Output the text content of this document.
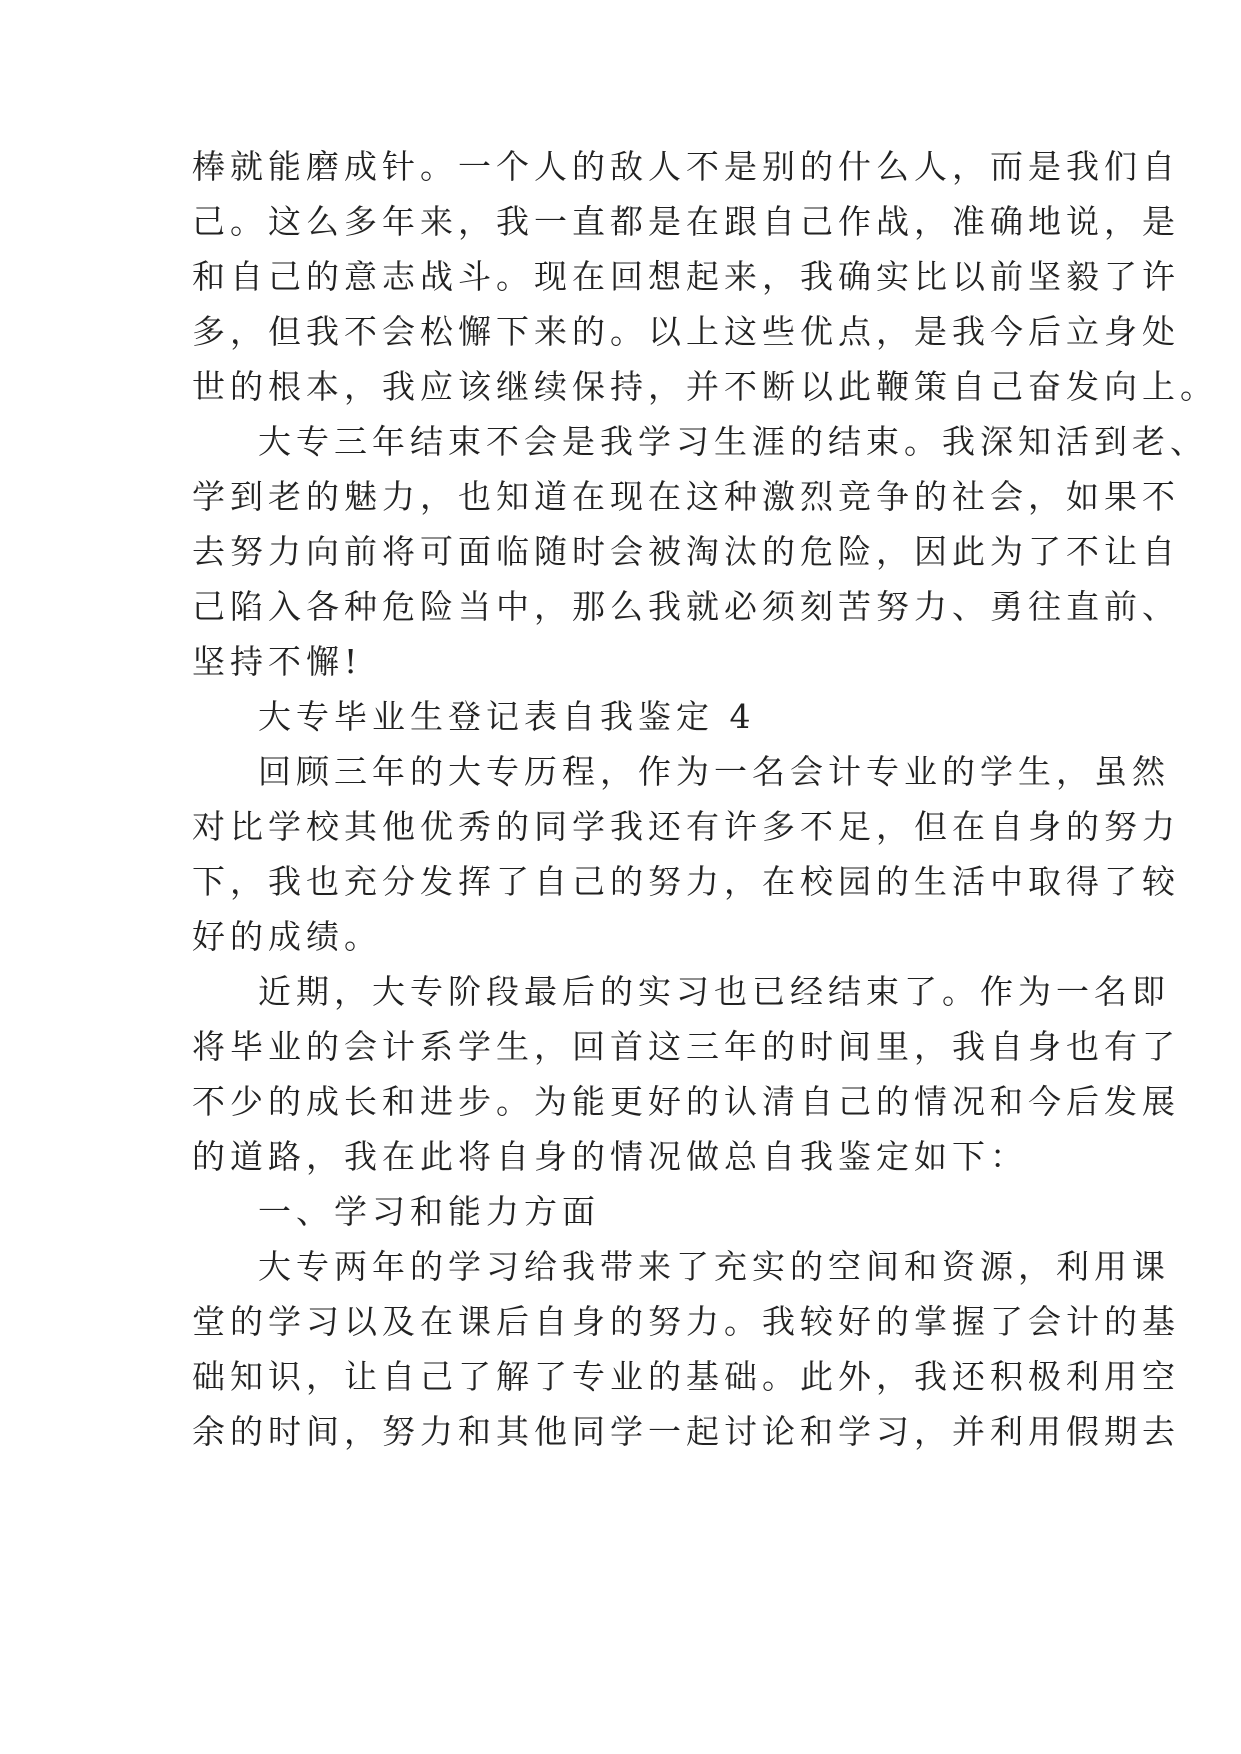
棒就能磨成针。一个人的敌人不是别的什么人，而是我们自
己。这么多年来，我一直都是在跟自己作战，准确地说，是
和自己的意志战斗。现在回想起来，我确实比以前坚毅了许
多，但我不会松懈下来的。以上这些优点，是我今后立身处
世的根本，我应该继续保持，并不断以此鞭策自己奋发向上。
大专三年结束不会是我学习生涯的结束。我深知活到老、
学到老的魅力，也知道在现在这种激烈竞争的社会，如果不
去努力向前将可面临随时会被淘汰的危险，因此为了不让自
己陷入各种危险当中，那么我就必须刻苦努力、勇往直前、
坚持不懈!
大专毕业生登记表自我鉴定 4
回顾三年的大专历程，作为一名会计专业的学生，虽然
对比学校其他优秀的同学我还有许多不足，但在自身的努力
下，我也充分发挥了自己的努力，在校园的生活中取得了较
好的成绩。
近期，大专阶段最后的实习也已经结束了。作为一名即
将毕业的会计系学生，回首这三年的时间里，我自身也有了
不少的成长和进步。为能更好的认清自己的情况和今后发展
的道路，我在此将自身的情况做总自我鉴定如下：
一、学习和能力方面
大专两年的学习给我带来了充实的空间和资源，利用课
堂的学习以及在课后自身的努力。我较好的掌握了会计的基
础知识，让自己了解了专业的基础。此外，我还积极利用空
余的时间，努力和其他同学一起讨论和学习，并利用假期去
